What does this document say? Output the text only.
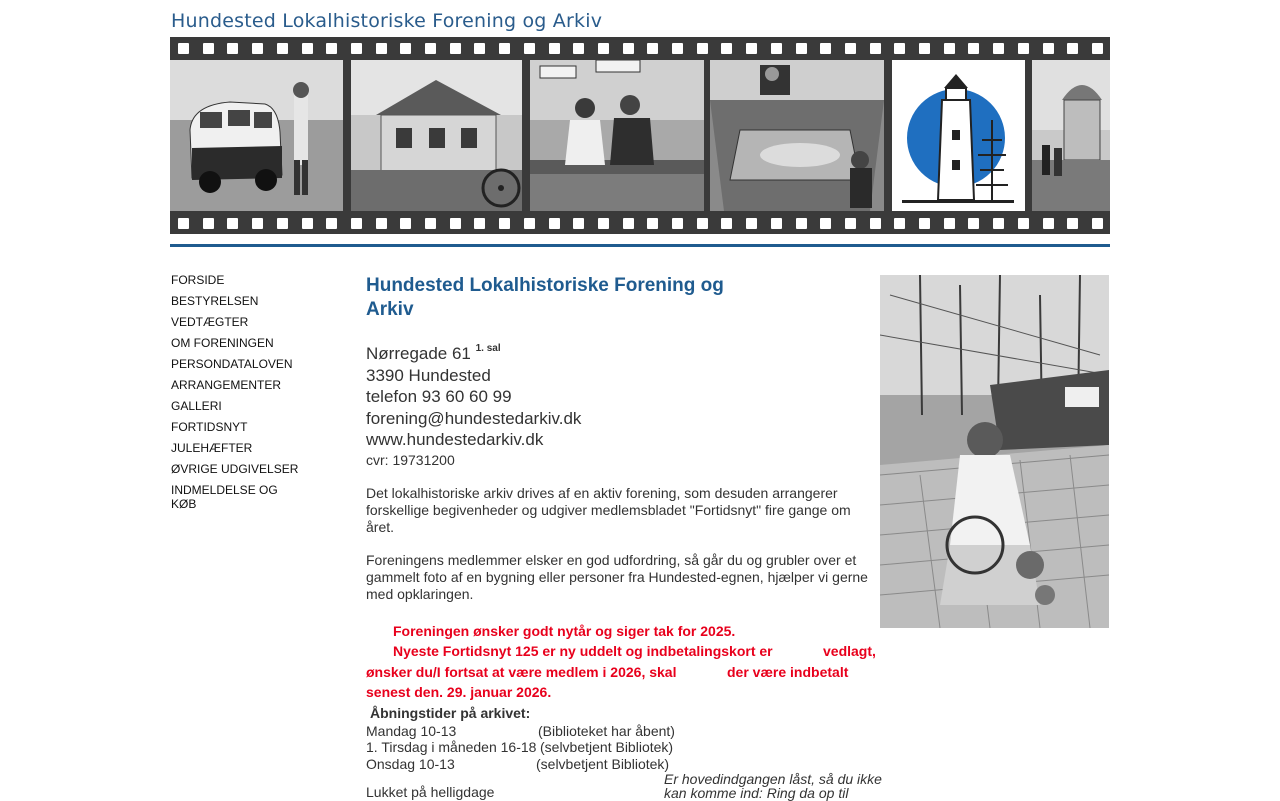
Hundested Lokalhistoriske Forening og Arkiv
FORSIDE
BESTYRELSEN
VEDTÆGTER
OM FORENINGEN
PERSONDATALOVEN
ARRANGEMENTER
GALLERI
FORTIDSNYT
JULEHÆFTER
ØVRIGE UDGIVELSER
INDMELDELSE OG KØB
Hundested Lokalhistoriske Forening og Arkiv
Nørregade 61 $^{1. sal}$
3390 Hundested
telefon 93 60 60 99
forening@hundestedarkiv.dk
www.hundestedarkiv.dk
cvr: 19731200
Det lokalhistoriske arkiv drives af en aktiv forening, som desuden arrangerer forskellige begivenheder og udgiver medlemsbladet "Fortidsnyt" fire gange om året.
Foreningens medlemmer elsker en god udfordring, så går du og grubler over et gammelt foto af en bygning eller personer fra Hundested-egnen, hjælper vi gerne med opklaringen.
Foreningen ønsker godt nytår og siger tak for 2025.
Nyeste Fortidsnyt 125 er ny uddelt og indbetalingskort er	vedlagt,
ønsker du/I fortsat at være medlem i 2026, skal	der være indbetalt
senest den. 29. januar 2026.
Åbningstider på arkivet:
Mandag 10-13	(Biblioteket har åbent)
1. Tirsdag i måneden 16-18 (selvbetjent Bibliotek)
Onsdag 10-13	(selvbetjent Bibliotek)
Lukket på helligdage
Er hovedindgangen låst, så du ikke kan komme ind: Ring da op til
